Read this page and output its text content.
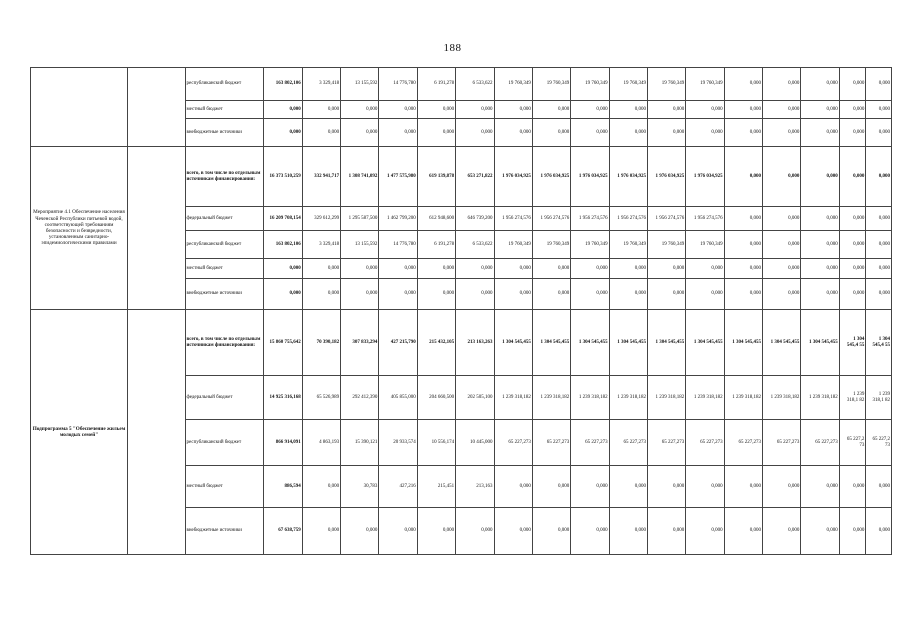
188
		республиканский бюджет	163 802,106	3 329,418	13 155,592	14 776,780	6 191,278	6 533,622	19 760,349	19 760,349	19 760,349	19 760,349	19 760,349	19 760,349	0,000	0,000	0,000	0,000	0,000
		местный бюджет	0,000	0,000	0,000	0,000	0,000	0,000	0,000	0,000	0,000	0,000	0,000	0,000	0,000	0,000	0,000	0,000	0,000
		внебюджетные источники	0,000	0,000	0,000	0,000	0,000	0,000	0,000	0,000	0,000	0,000	0,000	0,000	0,000	0,000	0,000	0,000	0,000

Мероприятие 4.1 Обеспечение населения Чеченской Республики питьевой водой, соответствующей требованиям безопасности и безвредности, установленным санитарно-эпидемиологическими правилами		всего, в том числе по отдельным источникам финансирования:	16 373 510,259	332 941,717	1 308 741,092	1 477 575,980	619 139,878	653 271,822	1 976 034,925	1 976 034,925	1 976 034,925	1 976 034,925	1 976 034,925	1 976 034,925	0,000	0,000	0,000	0,000	0,000
		федеральный бюджет	16 209 708,154	329 612,299	1 295 587,500	1 462 799,200	612 948,600	646 739,200	1 956 274,576	1 956 274,576	1 956 274,576	1 956 274,576	1 956 274,576	1 956 274,576	0,000	0,000	0,000	0,000	0,000
		республиканский бюджет	163 802,106	3 329,418	13 155,592	14 776,780	6 191,278	6 533,622	19 760,349	19 760,349	19 760,349	19 760,349	19 760,349	19 760,349	0,000	0,000	0,000	0,000	0,000
		местный бюджет	0,000	0,000	0,000	0,000	0,000	0,000	0,000	0,000	0,000	0,000	0,000	0,000	0,000	0,000	0,000	0,000	0,000
		внебюджетные источники	0,000	0,000	0,000	0,000	0,000	0,000	0,000	0,000	0,000	0,000	0,000	0,000	0,000	0,000	0,000	0,000	0,000

Подпрограмма 5 "Обеспечение жильем молодых семей"		всего, в том числе по отдельным источникам финансирования:	15 860 755,642	70 390,182	307 833,294	427 215,790	215 432,105	213 163,263	1 304 545,455	1 304 545,455	1 304 545,455	1 304 545,455	1 304 545,455	1 304 545,455	1 304 545,455	1 304 545,455	1 304 545,455	1 304 545,4 55	1 304 545,4 55
		федеральный бюджет	14 925 316,168	65 526,989	292 412,390	405 855,000	204 660,500	202 505,100	1 239 318,182	1 239 318,182	1 239 318,182	1 239 318,182	1 239 318,182	1 239 318,182	1 239 318,182	1 239 318,182	1 239 318,182	1 239 318,1 82	1 239 318,1 82
		республиканский бюджет	866 914,091	4 863,193	15 390,121	20 933,574	10 556,174	10 445,000	65 227,273	65 227,273	65 227,273	65 227,273	65 227,273	65 227,273	65 227,273	65 227,273	65 227,273	65 227,2 73	65 227,2 73
		местный бюджет	886,594	0,000	30,783	427,216	215,451	213,163	0,000	0,000	0,000	0,000	0,000	0,000	0,000	0,000	0,000	0,000	0,000
		внебюджетные источники	67 638,759	0,000	0,000	0,000	0,000	0,000	0,000	0,000	0,000	0,000	0,000	0,000	0,000	0,000	0,000	0,000	0,000
